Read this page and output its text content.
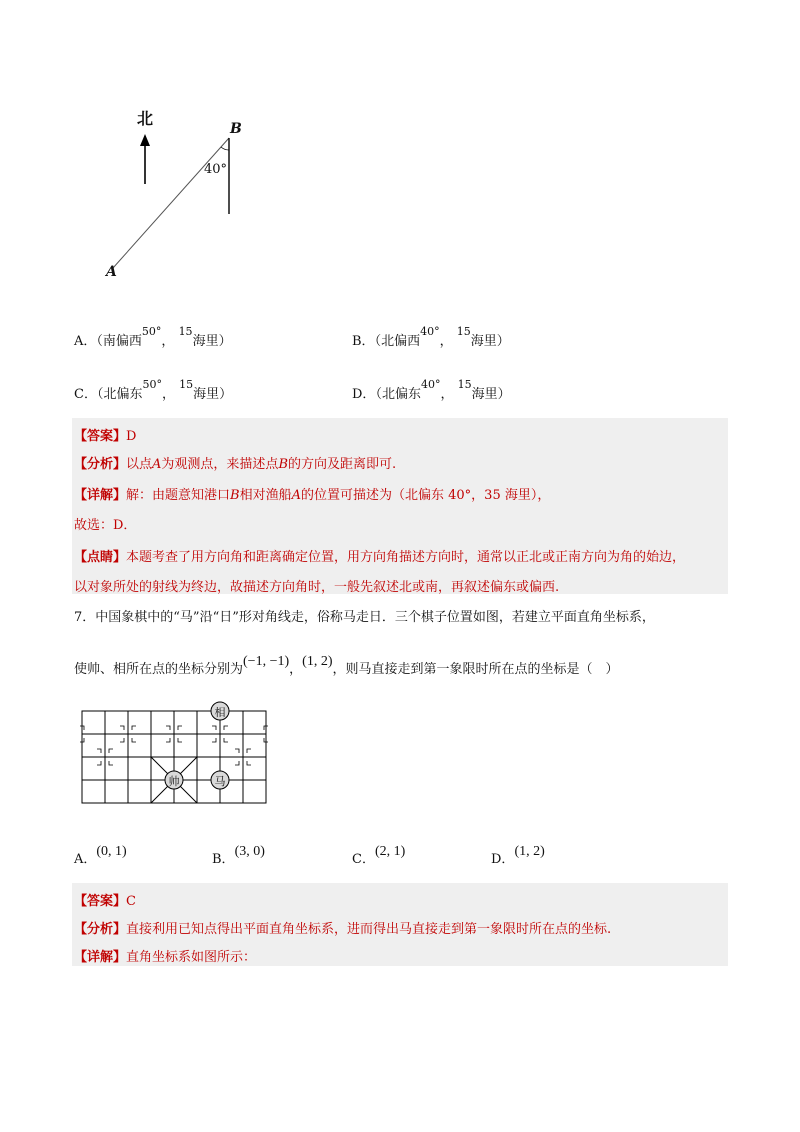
北
B
40°
A
A．（南偏西$^{50^\circ}$， $^{15}$海里）	B．（北偏西$^{40^\circ}$， $^{15}$海里）
C．（北偏东$^{50^\circ}$， $^{15}$海里）	D．（北偏东$^{40^\circ}$， $^{15}$海里）
【答案】D
【分析】以点A为观测点，来描述点B的方向及距离即可.
【详解】解：由题意知港口B相对渔船A的位置可描述为（北偏东 40°，35 海里），
故选：D．
【点睛】本题考查了用方向角和距离确定位置，用方向角描述方向时，通常以正北或正南方向为角的始边，
以对象所处的射线为终边，故描述方向角时，一般先叙述北或南，再叙述偏东或偏西.
7．中国象棋中的“马”沿“日”形对角线走，俗称马走日．三个棋子位置如图，若建立平面直角坐标系，
使帅、相所在点的坐标分别为(−1, −1)，(1, 2)，则马直接走到第一象限时所在点的坐标是（　）
相
帅	马
A．(0, 1)
B．(3, 0)
C．(2, 1)
D．(1, 2)
【答案】C
【分析】直接利用已知点得出平面直角坐标系，进而得出马直接走到第一象限时所在点的坐标.
【详解】直角坐标系如图所示：
